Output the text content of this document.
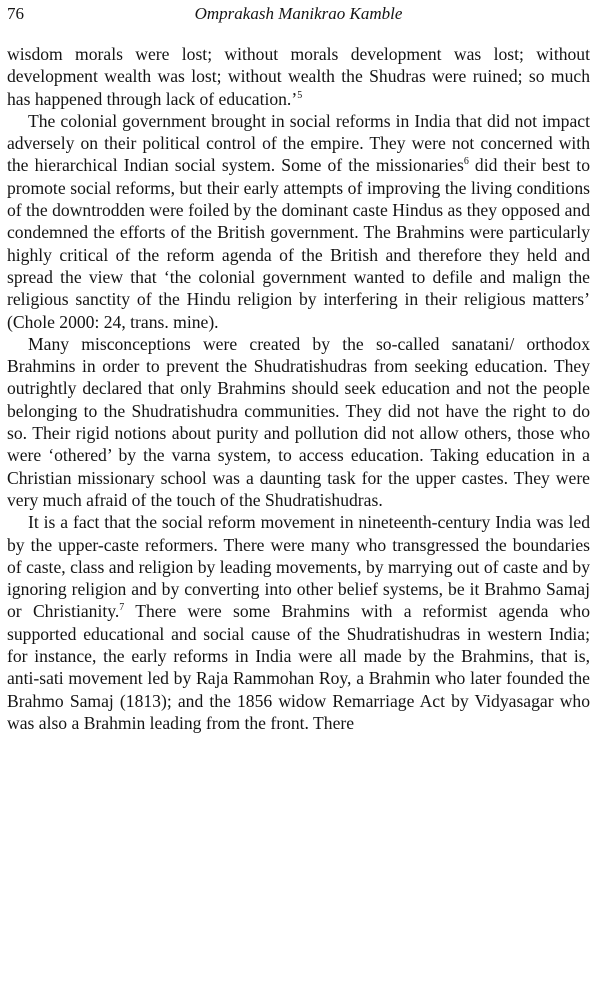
76	Omprakash Manikrao Kamble

wisdom morals were lost; without morals development was lost; without development wealth was lost; without wealth the Shudras were ruined; so much has happened through lack of education.’$^5$

The colonial government brought in social reforms in India that did not impact adversely on their political control of the empire. They were not concerned with the hierarchical Indian social system. Some of the missionaries$^6$ did their best to promote social reforms, but their early attempts of improving the living conditions of the downtrodden were foiled by the dominant caste Hindus as they opposed and condemned the efforts of the British government. The Brahmins were particularly highly critical of the reform agenda of the British and therefore they held and spread the view that ‘the colonial government wanted to defile and malign the religious sanctity of the Hindu religion by interfering in their religious matters’ (Chole 2000: 24, trans. mine).

Many misconceptions were created by the so-called sanatani/ orthodox Brahmins in order to prevent the Shudratishudras from seeking education. They outrightly declared that only Brahmins should seek education and not the people belonging to the Shudratishudra communities. They did not have the right to do so. Their rigid notions about purity and pollution did not allow others, those who were ‘othered’ by the varna system, to access education. Taking education in a Christian missionary school was a daunting task for the upper castes. They were very much afraid of the touch of the Shudratishudras.

It is a fact that the social reform movement in nineteenth-century India was led by the upper-caste reformers. There were many who transgressed the boundaries of caste, class and religion by leading movements, by marrying out of caste and by ignoring religion and by converting into other belief systems, be it Brahmo Samaj or Christianity.$^7$ There were some Brahmins with a reformist agenda who supported educational and social cause of the Shudratishudras in western India; for instance, the early reforms in India were all made by the Brahmins, that is, anti-sati movement led by Raja Rammohan Roy, a Brahmin who later founded the Brahmo Samaj (1813); and the 1856 widow Remarriage Act by Vidyasagar who was also a Brahmin leading from the front. There
